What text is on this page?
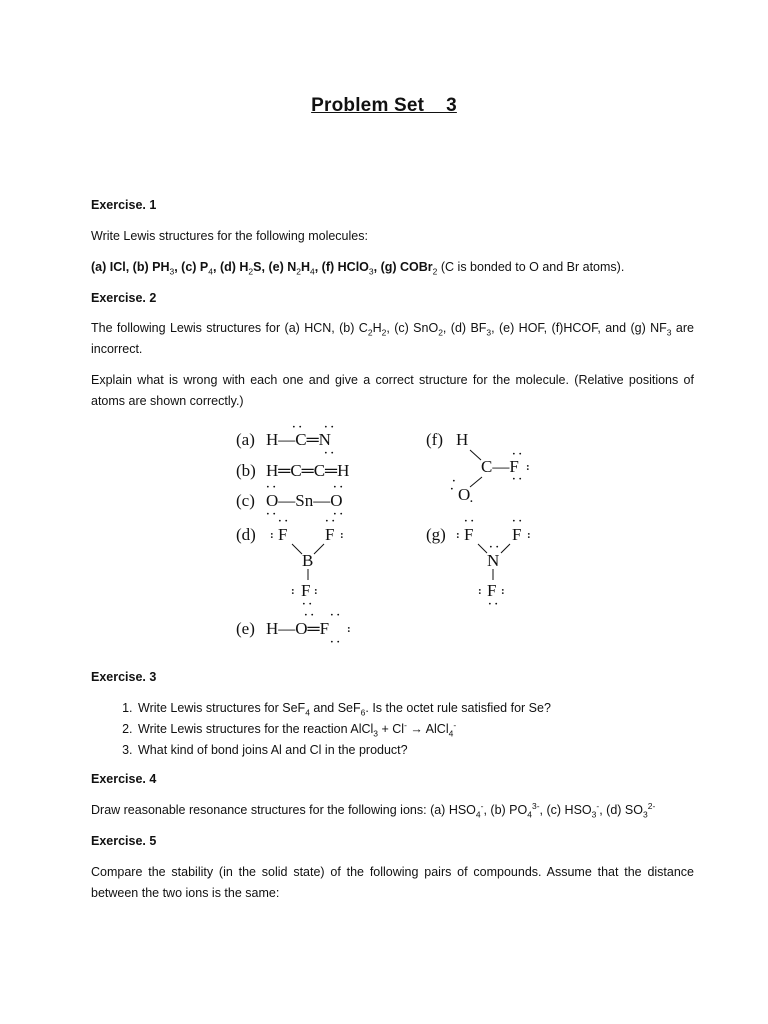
Problem Set    3
Exercise. 1
Write Lewis structures for the following molecules:
(a) ICl, (b) $PH_3$, (c) $P_4$, (d) $H_2S$, (e) $N_2H_4$, (f) HClO$_3$, (g) COBr$_2$ (C is bonded to O and Br atoms).
Exercise. 2
The following Lewis structures for (a) HCN, (b) $C_2H_2$, (c) SnO$_2$, (d) $BF_3$, (e) HOF, (f)HCOF, and (g) $NF_3$ are incorrect.
Explain what is wrong with each one and give a correct structure for the molecule. (Relative positions of atoms are shown correctly.)
(a) H—C═N
· · · ·
· ·
(b) H═C═C═H
(c) O—Sn—O
· ·
· ·
· ·
· ·
(d) : F
· ·
F
· ·
:
B
: F :
· ·
(e) H—O═F
· · · ·
:
· ·
(f) H
C—F
· ·
:
· ·
·
·
O .
(g) : F
· ·
F
· ·
:
N
· ·
: F :
· ·
Exercise. 3
1. Write Lewis structures for SeF$_4$ and SeF$_6$. Is the octet rule satisfied for Se?
2. Write Lewis structures for the reaction AlCl$_3$ + Cl- → AlCl$_4$-
3. What kind of bond joins Al and Cl in the product?
Exercise. 4
Draw reasonable resonance structures for the following ions: (a) $HSO_4^-$, (b) $PO_4^{3-}$, (c) $HSO_3^-$, (d) $SO_3^{2-}$
Exercise. 5
Compare the stability (in the solid state) of the following pairs of compounds. Assume that the distance between the two ions is the same:
